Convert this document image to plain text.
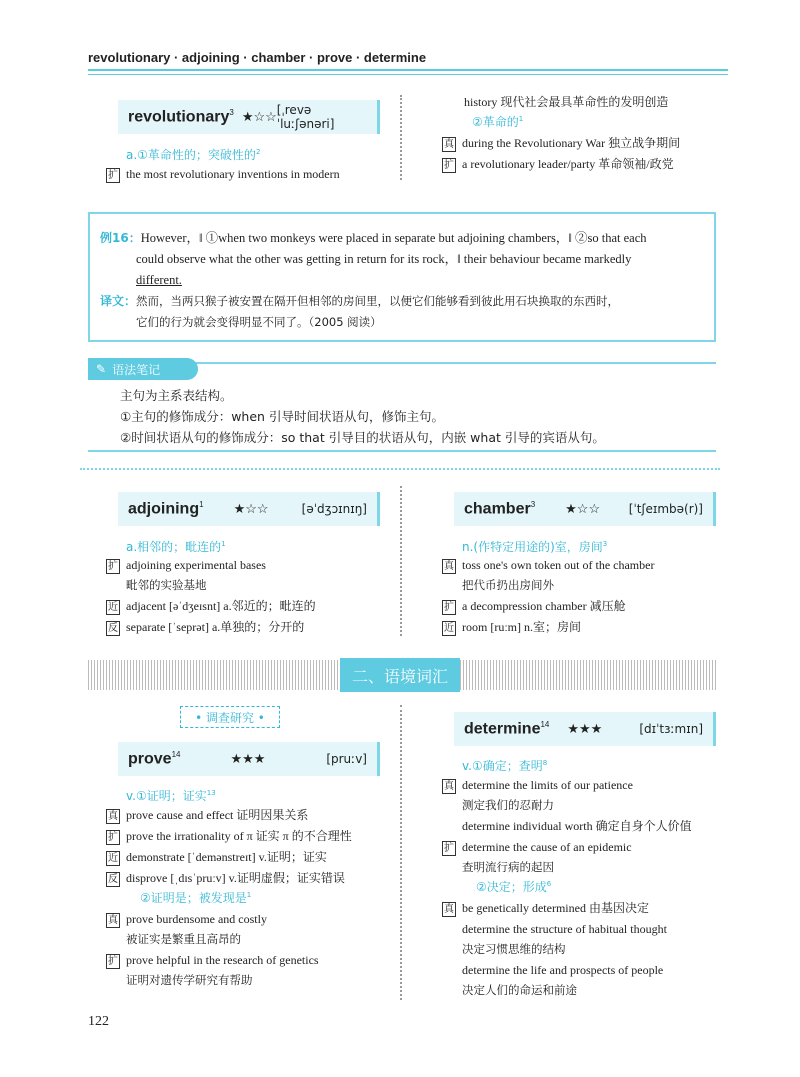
revolutionary · adjoining · chamber · prove · determine
revolutionary$^3$ ★☆☆ [ˌrevəˈluːʃənəri]
a.①革命性的；突破性的$^2$
扩 the most revolutionary inventions in modern
history 现代社会最具革命性的发明创造
②革命的$^1$
真 during the Revolutionary War 独立战争期间
扩 a revolutionary leader/party 革命领袖/政党
例16：However，‖ ①when two monkeys were placed in separate but adjoining chambers，‖ ②so that each
could observe what the other was getting in return for its rock，‖ their behaviour became markedly
different.
译文：然而，当两只猴子被安置在隔开但相邻的房间里，以便它们能够看到彼此用石块换取的东西时，
它们的行为就会变得明显不同了。（2005 阅读）
✎ 语法笔记
主句为主系表结构。
①主句的修饰成分：when 引导时间状语从句，修饰主句。
②时间状语从句的修饰成分：so that 引导目的状语从句，内嵌 what 引导的宾语从句。
adjoining$^1$ ★☆☆	[əˈdʒɔɪnɪŋ]
a.相邻的；毗连的$^1$
扩 adjoining experimental bases
毗邻的实验基地
近 adjacent [əˈdʒeɪsnt] a.邻近的；毗连的
反 separate [ˈseprət] a.单独的；分开的
chamber$^3$ ★☆☆ [ˈtʃeɪmbə(r)]
n.(作特定用途的)室，房间$^3$
真 toss one's own token out of the chamber
把代币扔出房间外
扩 a decompression chamber 减压舱
近 room [ruːm] n.室；房间
二、语境词汇
• 调查研究 •
prove$^{14}$	★★★	[pruːv]
v.①证明；证实$^{13}$
真 prove cause and effect 证明因果关系
扩 prove the irrationality of π 证实 π 的不合理性
近 demonstrate [ˈdemənstreɪt] v.证明；证实
反 disprove [ˌdɪsˈpruːv] v.证明虚假；证实错误
②证明是；被发现是$^1$
真 prove burdensome and costly
被证实是繁重且高昂的
扩 prove helpful in the research of genetics
证明对遗传学研究有帮助
determine$^{14}$ ★★★	[dɪˈtɜːmɪn]
v.①确定；查明$^8$
真 determine the limits of our patience
测定我们的忍耐力
determine individual worth 确定自身个人价值
扩 determine the cause of an epidemic
查明流行病的起因
②决定；形成$^6$
真 be genetically determined 由基因决定
determine the structure of habitual thought
决定习惯思维的结构
determine the life and prospects of people
决定人们的命运和前途
122
